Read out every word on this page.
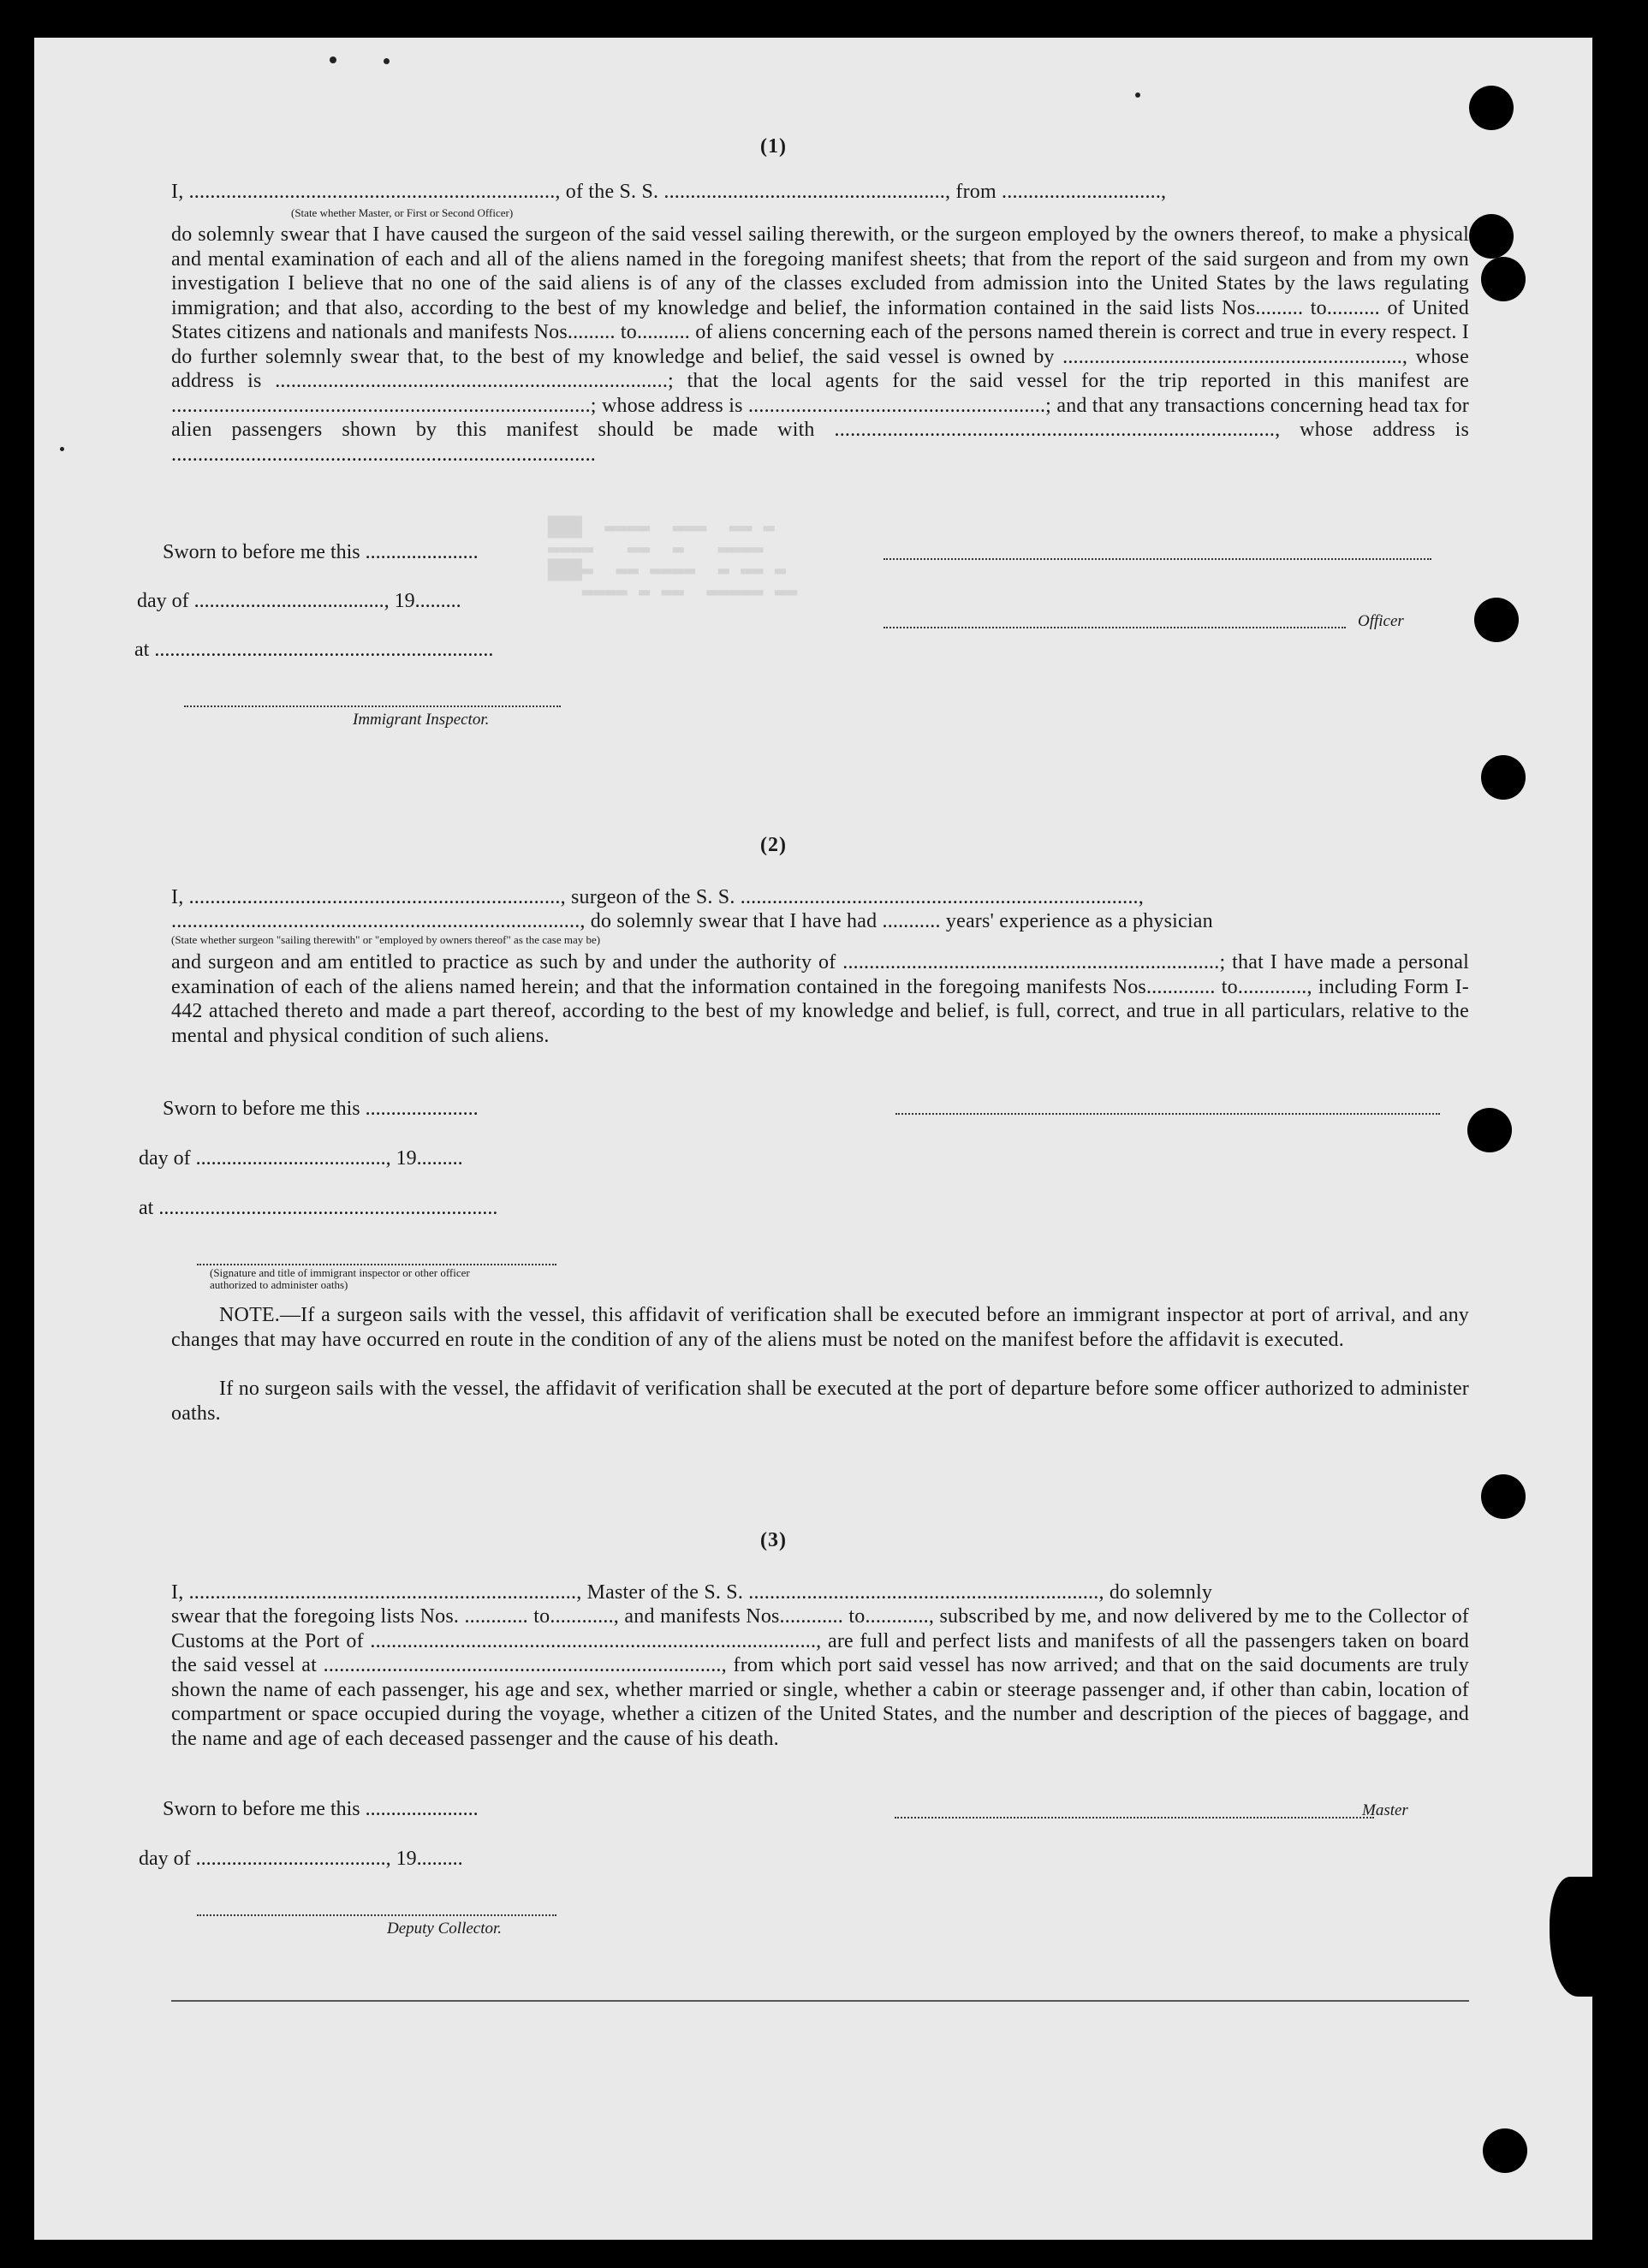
███  ▬▬▬▬  ▬▬▬  ▬▬ ▬
▬▬▬▬   ▬▬  ▬   ▬▬▬▬
███▬  ▬▬ ▬▬▬▬  ▬ ▬▬ ▬
▬▬▬▬ ▬ ▬▬  ▬▬▬▬▬ ▬▬
(1)
I, ....................................................................., of the S. S. ....................................................., from ..............................,
(State whether Master, or First or Second Officer)
do solemnly swear that I have caused the surgeon of the said vessel sailing therewith, or the surgeon employed by the owners thereof, to make a physical and mental examination of each and all of the aliens named in the foregoing manifest sheets; that from the report of the said surgeon and from my own investigation I believe that no one of the said aliens is of any of the classes excluded from admission into the United States by the laws regulating immigration; and that also, according to the best of my knowledge and belief, the information contained in the said lists Nos......... to.......... of United States citizens and nationals and manifests Nos......... to.......... of aliens concerning each of the persons named therein is correct and true in every respect. I do further solemnly swear that, to the best of my knowledge and belief, the said vessel is owned by ................................................................, whose address is ..........................................................................; that the local agents for the said vessel for the trip reported in this manifest are ...............................................................................; whose address is ........................................................; and that any transactions concerning head tax for alien passengers shown by this manifest should be made with ..................................................................................., whose address is ................................................................................
Sworn to before me this ......................
day of ....................................., 19.........
at ..................................................................
Immigrant Inspector.
Officer
(2)
I, ......................................................................, surgeon of the S. S. ...........................................................................,
............................................................................., do solemnly swear that I have had ........... years' experience as a physician
(State whether surgeon "sailing therewith" or "employed by owners thereof" as the case may be)
and surgeon and am entitled to practice as such by and under the authority of .......................................................................; that I have made a personal examination of each of the aliens named herein; and that the information contained in the foregoing manifests Nos............. to............., including Form I-442 attached thereto and made a part thereof, according to the best of my knowledge and belief, is full, correct, and true in all particulars, relative to the mental and physical condition of such aliens.
Sworn to before me this ......................
day of ....................................., 19.........
at ..................................................................
(Signature and title of immigrant inspector or other officer authorized to administer oaths)
NOTE.—If a surgeon sails with the vessel, this affidavit of verification shall be executed before an immigrant inspector at port of arrival, and any changes that may have occurred en route in the condition of any of the aliens must be noted on the manifest before the affidavit is executed.
If no surgeon sails with the vessel, the affidavit of verification shall be executed at the port of departure before some officer authorized to administer oaths.
(3)
I, ........................................................................., Master of the S. S. .................................................................., do solemnly
swear that the foregoing lists Nos. ............ to............, and manifests Nos............ to............, subscribed by me, and now delivered by me to the Collector of Customs at the Port of ...................................................................................., are full and perfect lists and manifests of all the passengers taken on board the said vessel at ..........................................................................., from which port said vessel has now arrived; and that on the said documents are truly shown the name of each passenger, his age and sex, whether married or single, whether a cabin or steerage passenger and, if other than cabin, location of compartment or space occupied during the voyage, whether a citizen of the United States, and the number and description of the pieces of baggage, and the name and age of each deceased passenger and the cause of his death.
Sworn to before me this ......................
day of ....................................., 19.........
Deputy Collector.
Master
